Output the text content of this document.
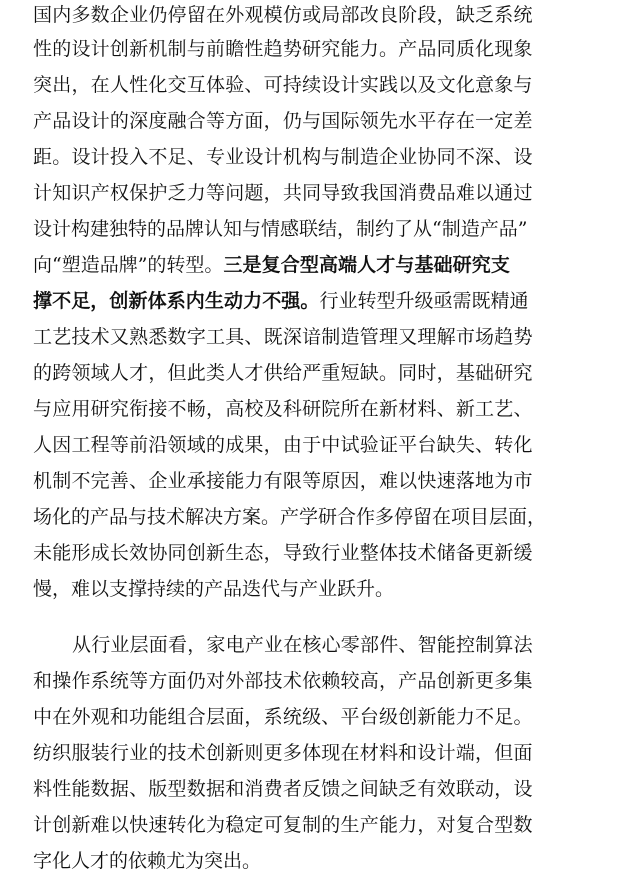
国内多数企业仍停留在外观模仿或局部改良阶段，缺乏系统
性的设计创新机制与前瞻性趋势研究能力。产品同质化现象
突出，在人性化交互体验、可持续设计实践以及文化意象与
产品设计的深度融合等方面，仍与国际领先水平存在一定差
距。设计投入不足、专业设计机构与制造企业协同不深、设
计知识产权保护乏力等问题，共同导致我国消费品难以通过
设计构建独特的品牌认知与情感联结，制约了从“制造产品”
向“塑造品牌”的转型。三是复合型高端人才与基础研究支
撑不足，创新体系内生动力不强。行业转型升级亟需既精通
工艺技术又熟悉数字工具、既深谙制造管理又理解市场趋势
的跨领域人才，但此类人才供给严重短缺。同时，基础研究
与应用研究衔接不畅，高校及科研院所在新材料、新工艺、
人因工程等前沿领域的成果，由于中试验证平台缺失、转化
机制不完善、企业承接能力有限等原因，难以快速落地为市
场化的产品与技术解决方案。产学研合作多停留在项目层面，
未能形成长效协同创新生态，导致行业整体技术储备更新缓
慢，难以支撑持续的产品迭代与产业跃升。
从行业层面看，家电产业在核心零部件、智能控制算法
和操作系统等方面仍对外部技术依赖较高，产品创新更多集
中在外观和功能组合层面，系统级、平台级创新能力不足。
纺织服装行业的技术创新则更多体现在材料和设计端，但面
料性能数据、版型数据和消费者反馈之间缺乏有效联动，设
计创新难以快速转化为稳定可复制的生产能力，对复合型数
字化人才的依赖尤为突出。
